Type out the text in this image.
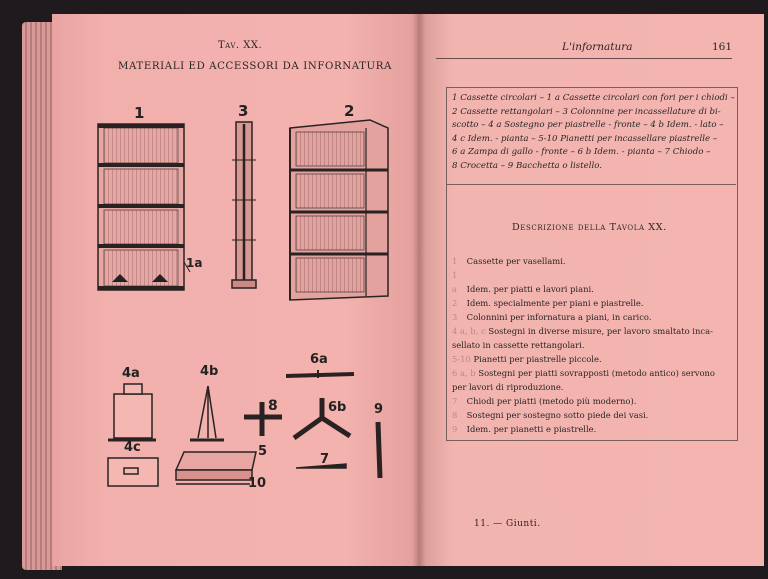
Tav. XX.
MATERIALI ED ACCESSORI DA INFORNATURA
1	3	2
1a
4a	4b
6a
8	6b 9
4c	5
10
7
L'infornatura	161
1 Cassette circolari – 1 a Cassette circolari con fori per i chiodi –
2 Cassette rettangolari – 3 Colonnine per incassellature di bi-
scotto – 4 a Sostegno per piastrelle - fronte – 4 b Idem. - lato –
4 c Idem. - pianta – 5-10 Pianetti per incassellare piastrelle –
6 a Zampa di gallo - fronte – 6 b Idem. - pianta – 7 Chiodo –
8 Crocetta – 9 Bacchetta o listello.
Descrizione della Tavola XX.
1 Cassette per vasellami.
1 a Idem. per piatti e lavori piani.
2 Idem. specialmente per piani e piastrelle.
3 Colonnini per infornatura a piani, in carico.
4 a, b, c Sostegni in diverse misure, per lavoro smaltato inca-
sellato in cassette rettangolari.
5-10 Pianetti per piastrelle piccole.
6 a, b Sostegni per piatti sovrapposti (metodo antico) servono
per lavori di riproduzione.
7 Chiodi per piatti (metodo più moderno).
8 Sostegni per sostegno sotto piede dei vasi.
9 Idem. per pianetti e piastrelle.
11. — Giunti.
